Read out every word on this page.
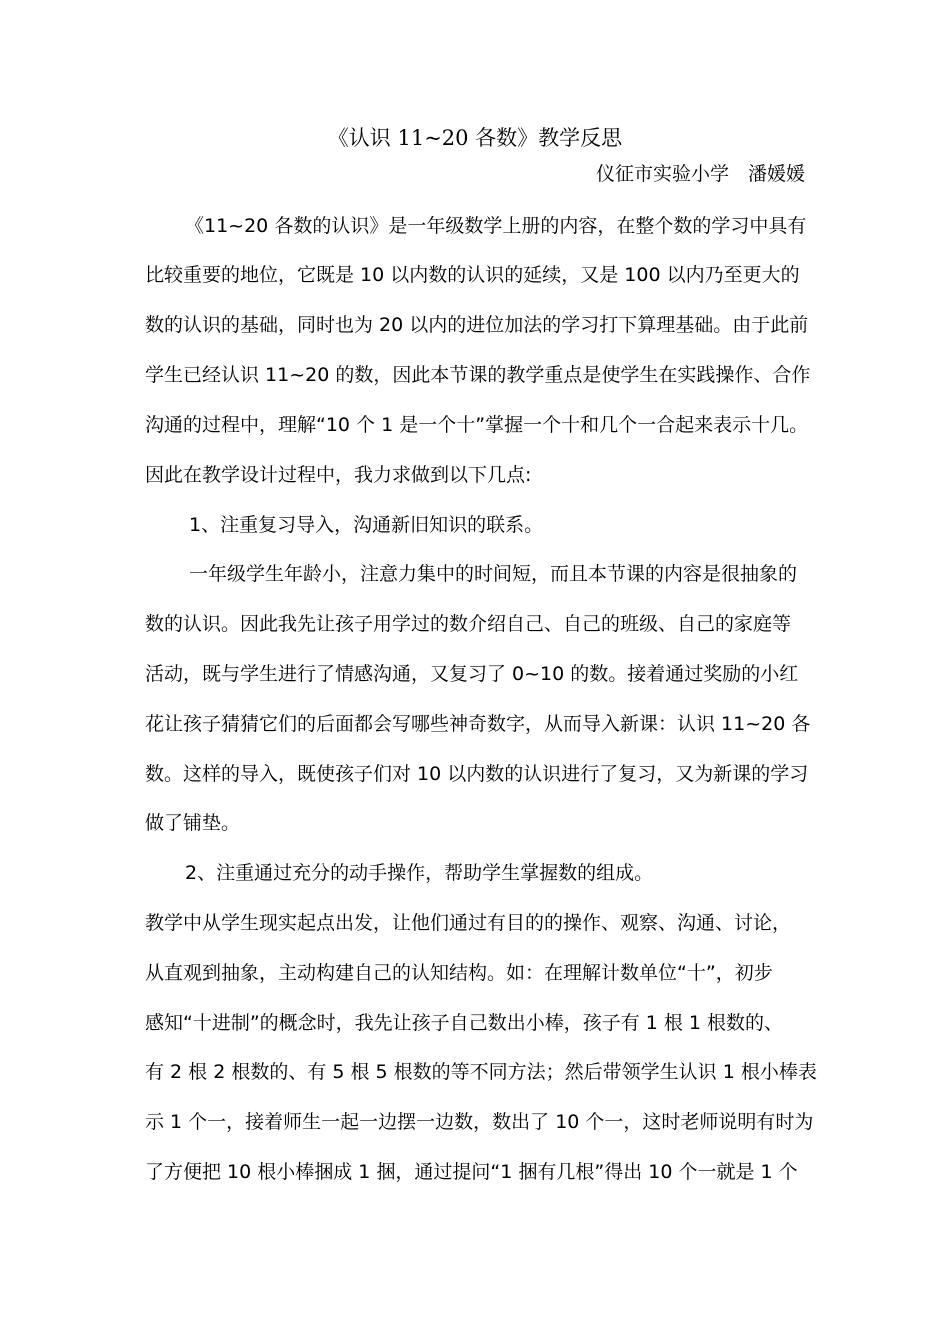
《认识 11~20 各数》教学反思
仪征市实验小学　潘媛媛
《11~20 各数的认识》是一年级数学上册的内容，在整个数的学习中具有
比较重要的地位，它既是 10 以内数的认识的延续，又是 100 以内乃至更大的
数的认识的基础，同时也为 20 以内的进位加法的学习打下算理基础。由于此前
学生已经认识 11~20 的数，因此本节课的教学重点是使学生在实践操作、合作
沟通的过程中，理解“10 个 1 是一个十”掌握一个十和几个一合起来表示十几。
因此在教学设计过程中，我力求做到以下几点:
1、注重复习导入，沟通新旧知识的联系。
一年级学生年龄小，注意力集中的时间短，而且本节课的内容是很抽象的
数的认识。因此我先让孩子用学过的数介绍自己、自己的班级、自己的家庭等
活动，既与学生进行了情感沟通，又复习了 0~10 的数。接着通过奖励的小红
花让孩子猜猜它们的后面都会写哪些神奇数字，从而导入新课：认识 11~20 各
数。这样的导入，既使孩子们对 10 以内数的认识进行了复习，又为新课的学习
做了铺垫。
2、注重通过充分的动手操作，帮助学生掌握数的组成。
教学中从学生现实起点出发，让他们通过有目的的操作、观察、沟通、讨论，
从直观到抽象，主动构建自己的认知结构。如：在理解计数单位“十”，初步
感知“十进制”的概念时，我先让孩子自己数出小棒，孩子有 1 根 1 根数的、
有 2 根 2 根数的、有 5 根 5 根数的等不同方法；然后带领学生认识 1 根小棒表
示 1 个一，接着师生一起一边摆一边数，数出了 10 个一，这时老师说明有时为
了方便把 10 根小棒捆成 1 捆，通过提问“1 捆有几根”得出 10 个一就是 1 个
